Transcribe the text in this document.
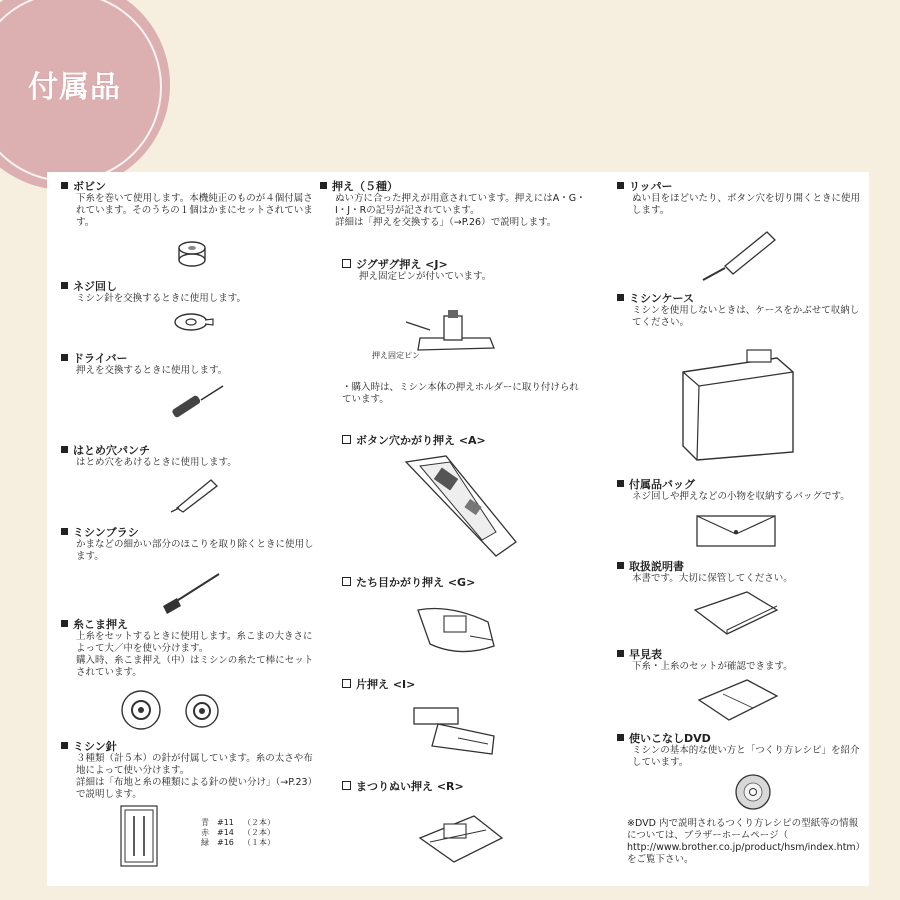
付属品
ボビン
下糸を巻いて使用します。本機純正のものが４個付属されています。そのうちの１個はかまにセットされています。
ネジ回し
ミシン針を交換するときに使用します。
ドライバー
押えを交換するときに使用します。
はとめ穴パンチ
はとめ穴をあけるときに使用します。
ミシンブラシ
かまなどの細かい部分のほこりを取り除くときに使用します。
糸こま押え
上糸をセットするときに使用します。糸こまの大きさによって大／中を使い分けます。
購入時、糸こま押え（中）はミシンの糸たて棒にセットされています。
ミシン針
３種類（計５本）の針が付属しています。糸の太さや布地によって使い分けます。
詳細は「布地と糸の種類による針の使い分け」（→P.23）で説明します。
青 #11 （２本）
赤 #14 （２本）
緑 #16 （１本）
押え（５種）
ぬい方に合った押えが用意されています。押えにはA・G・I・J・Rの記号が記されています。
詳細は「押えを交換する」（→P.26）で説明します。
ジグザグ押え <J>
押え固定ピンが付いています。
押え固定ピン
・購入時は、ミシン本体の押えホルダーに取り付けられています。
ボタン穴かがり押え <A>
たち目かがり押え <G>
片押え <I>
まつりぬい押え <R>
リッパー
ぬい目をほどいたり、ボタン穴を切り開くときに使用します。
ミシンケース
ミシンを使用しないときは、ケースをかぶせて収納してください。
付属品バッグ
ネジ回しや押えなどの小物を収納するバッグです。
取扱説明書
本書です。大切に保管してください。
早見表
下糸・上糸のセットが確認できます。
使いこなしDVD
ミシンの基本的な使い方と「つくり方レシピ」を紹介しています。
※DVD 内で説明されるつくり方レシピの型紙等の情報については、ブラザーホームページ（ http://www.brother.co.jp/product/hsm/index.htm）をご覧下さい。
